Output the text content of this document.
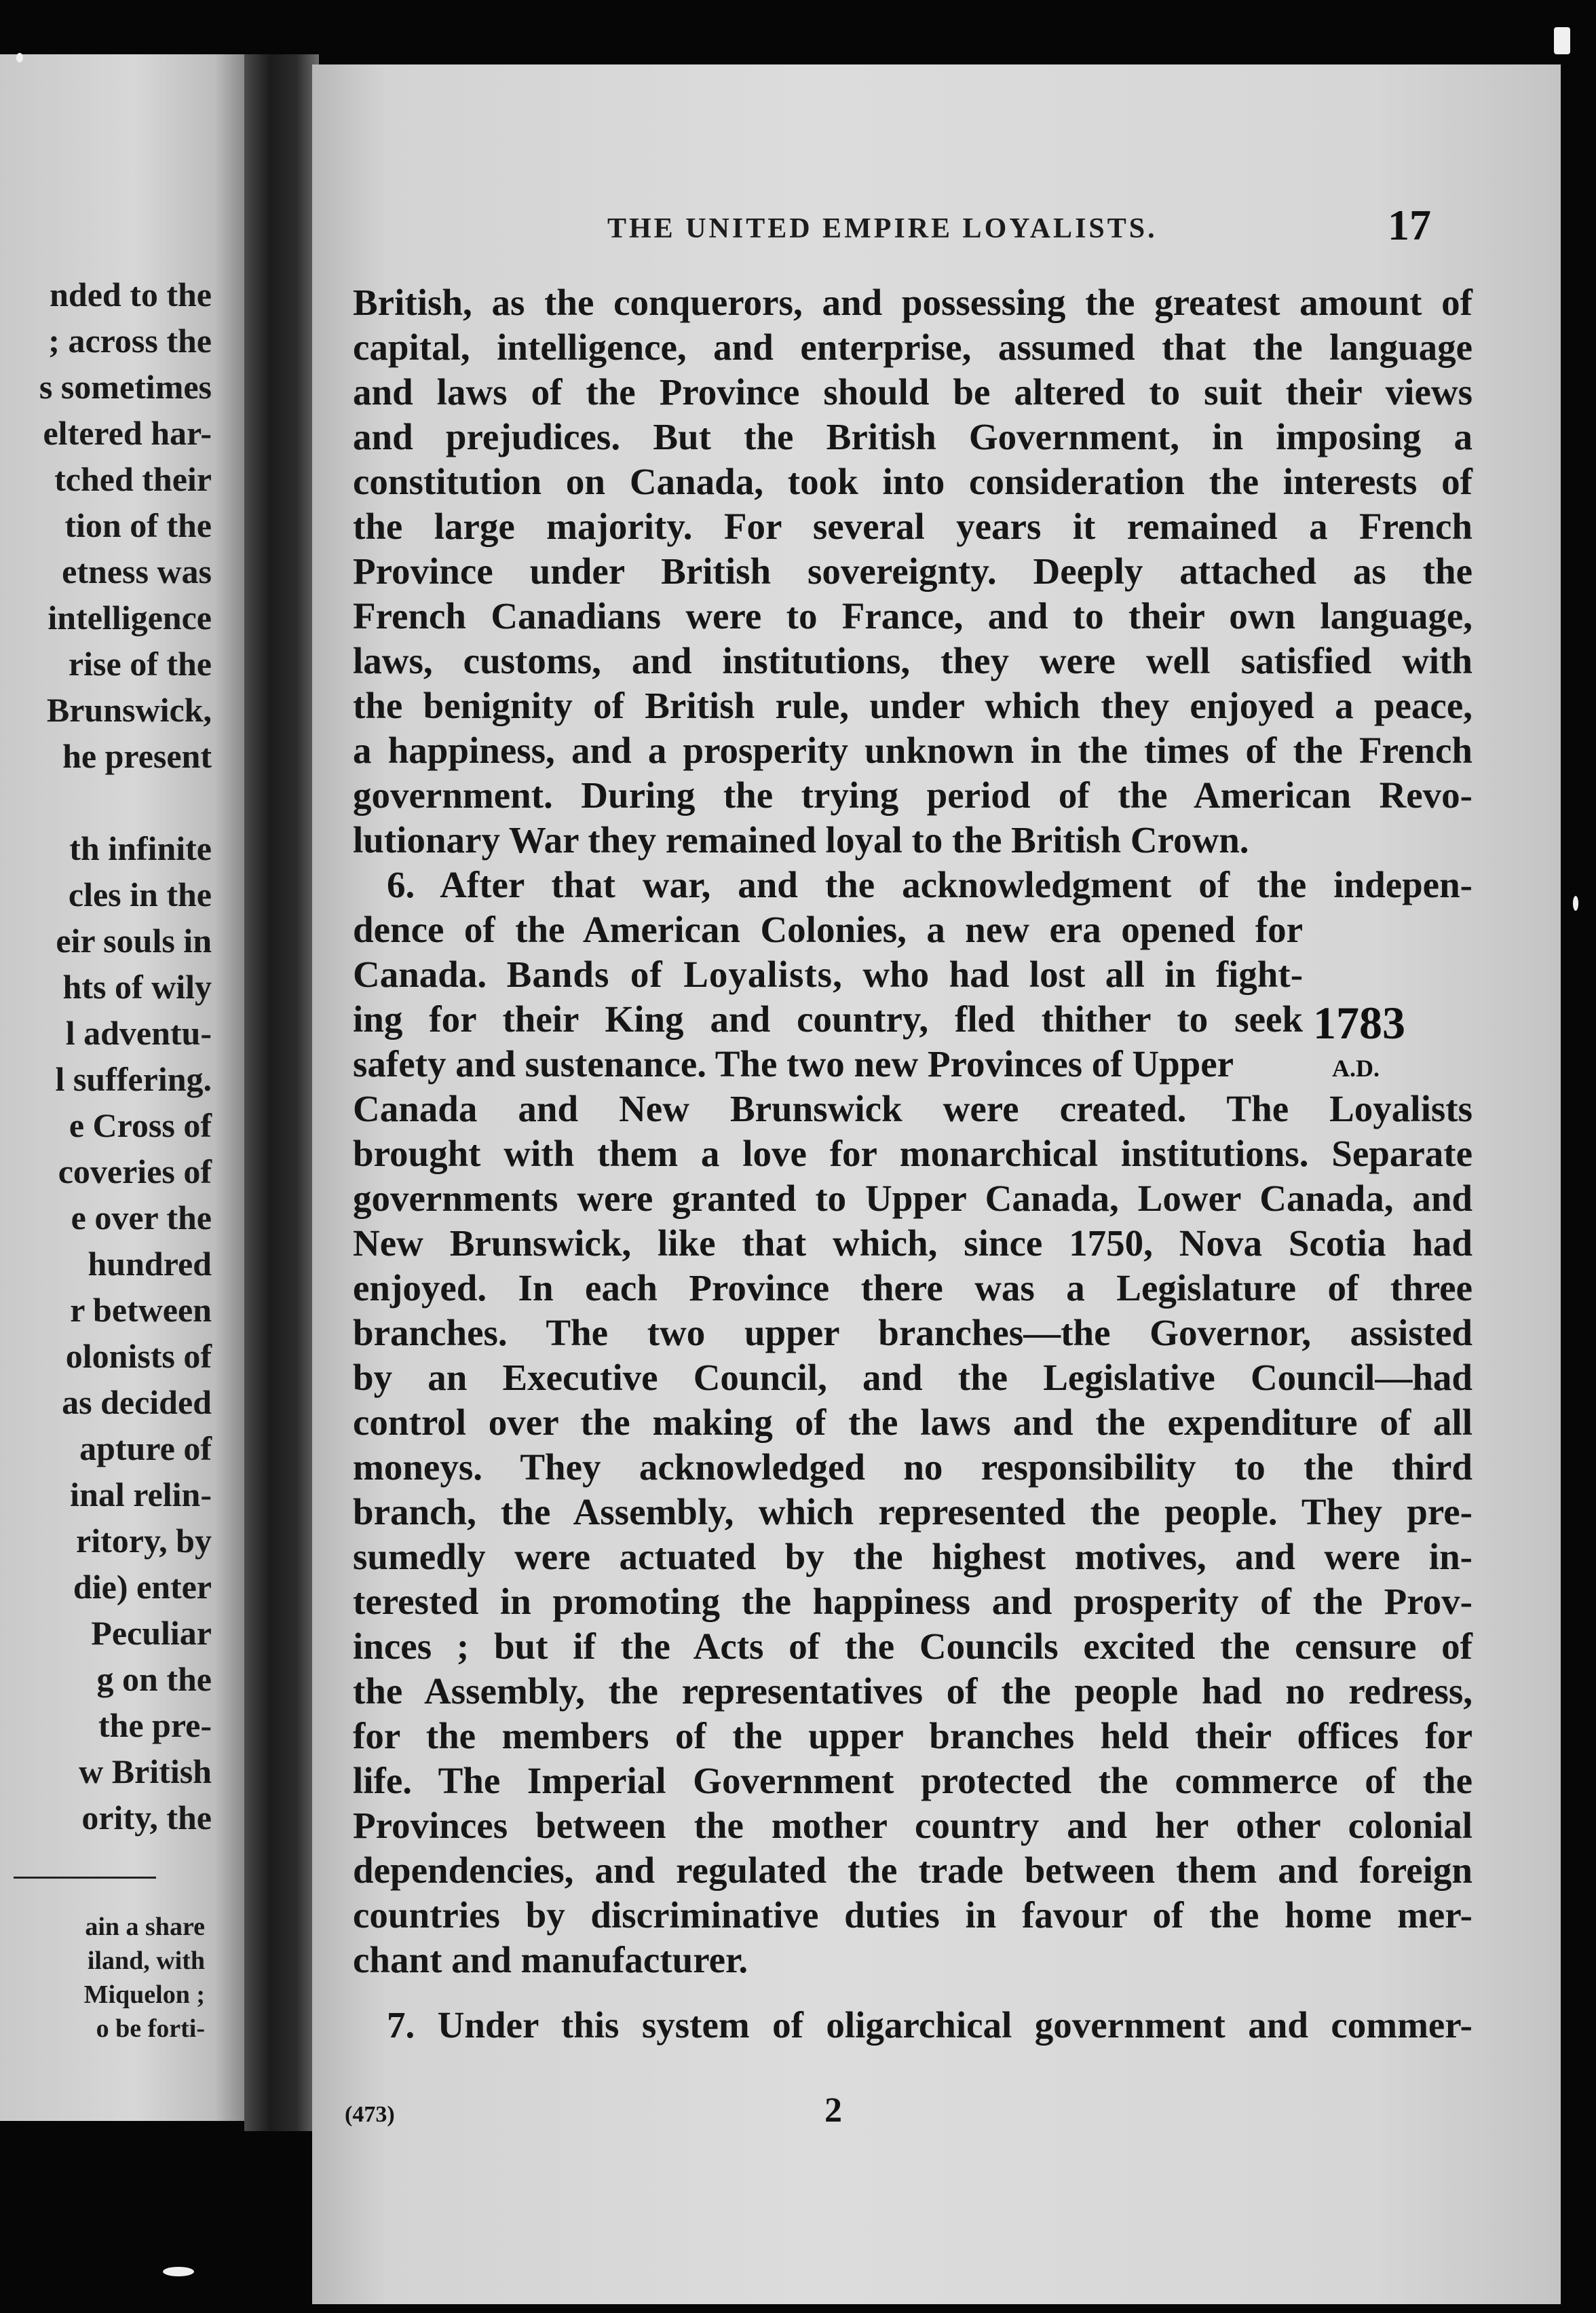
nded to the
; across the
s sometimes
eltered har-
tched their
tion of the
etness was
intelligence
rise of the
Brunswick,
he present
th infinite
cles in the
eir souls in
hts of wily
l adventu-
l suffering.
e Cross of
coveries of
e over the
hundred
r between
olonists of
as decided
apture of
inal relin-
ritory, by
die) enter
Peculiar
g on the
the pre-
w British
ority, the
ain a share
iland, with
Miquelon ;
o be forti-
THE UNITED EMPIRE LOYALISTS.	17
British, as the conquerors, and possessing the greatest amount of
capital, intelligence, and enterprise, assumed that the language
and laws of the Province should be altered to suit their views
and prejudices. But the British Government, in imposing a
constitution on Canada, took into consideration the interests of
the large majority. For several years it remained a French
Province under British sovereignty. Deeply attached as the
French Canadians were to France, and to their own language,
laws, customs, and institutions, they were well satisfied with
the benignity of British rule, under which they enjoyed a peace,
a happiness, and a prosperity unknown in the times of the French
government. During the trying period of the American Revo-
lutionary War they remained loyal to the British Crown.
6. After that war, and the acknowledgment of the indepen-
dence of the American Colonies, a new era opened for
Canada. Bands of Loyalists, who had lost all in fight-
ing for their King and country, fled thither to seek
safety and sustenance. The two new Provinces of Upper
1783
A.D.
Canada and New Brunswick were created. The Loyalists
brought with them a love for monarchical institutions. Separate
governments were granted to Upper Canada, Lower Canada, and
New Brunswick, like that which, since 1750, Nova Scotia had
enjoyed. In each Province there was a Legislature of three
branches. The two upper branches—the Governor, assisted
by an Executive Council, and the Legislative Council—had
control over the making of the laws and the expenditure of all
moneys. They acknowledged no responsibility to the third
branch, the Assembly, which represented the people. They pre-
sumedly were actuated by the highest motives, and were in-
terested in promoting the happiness and prosperity of the Prov-
inces ; but if the Acts of the Councils excited the censure of
the Assembly, the representatives of the people had no redress,
for the members of the upper branches held their offices for
life. The Imperial Government protected the commerce of the
Provinces between the mother country and her other colonial
dependencies, and regulated the trade between them and foreign
countries by discriminative duties in favour of the home mer-
chant and manufacturer.
7. Under this system of oligarchical government and commer-
(473)	2
